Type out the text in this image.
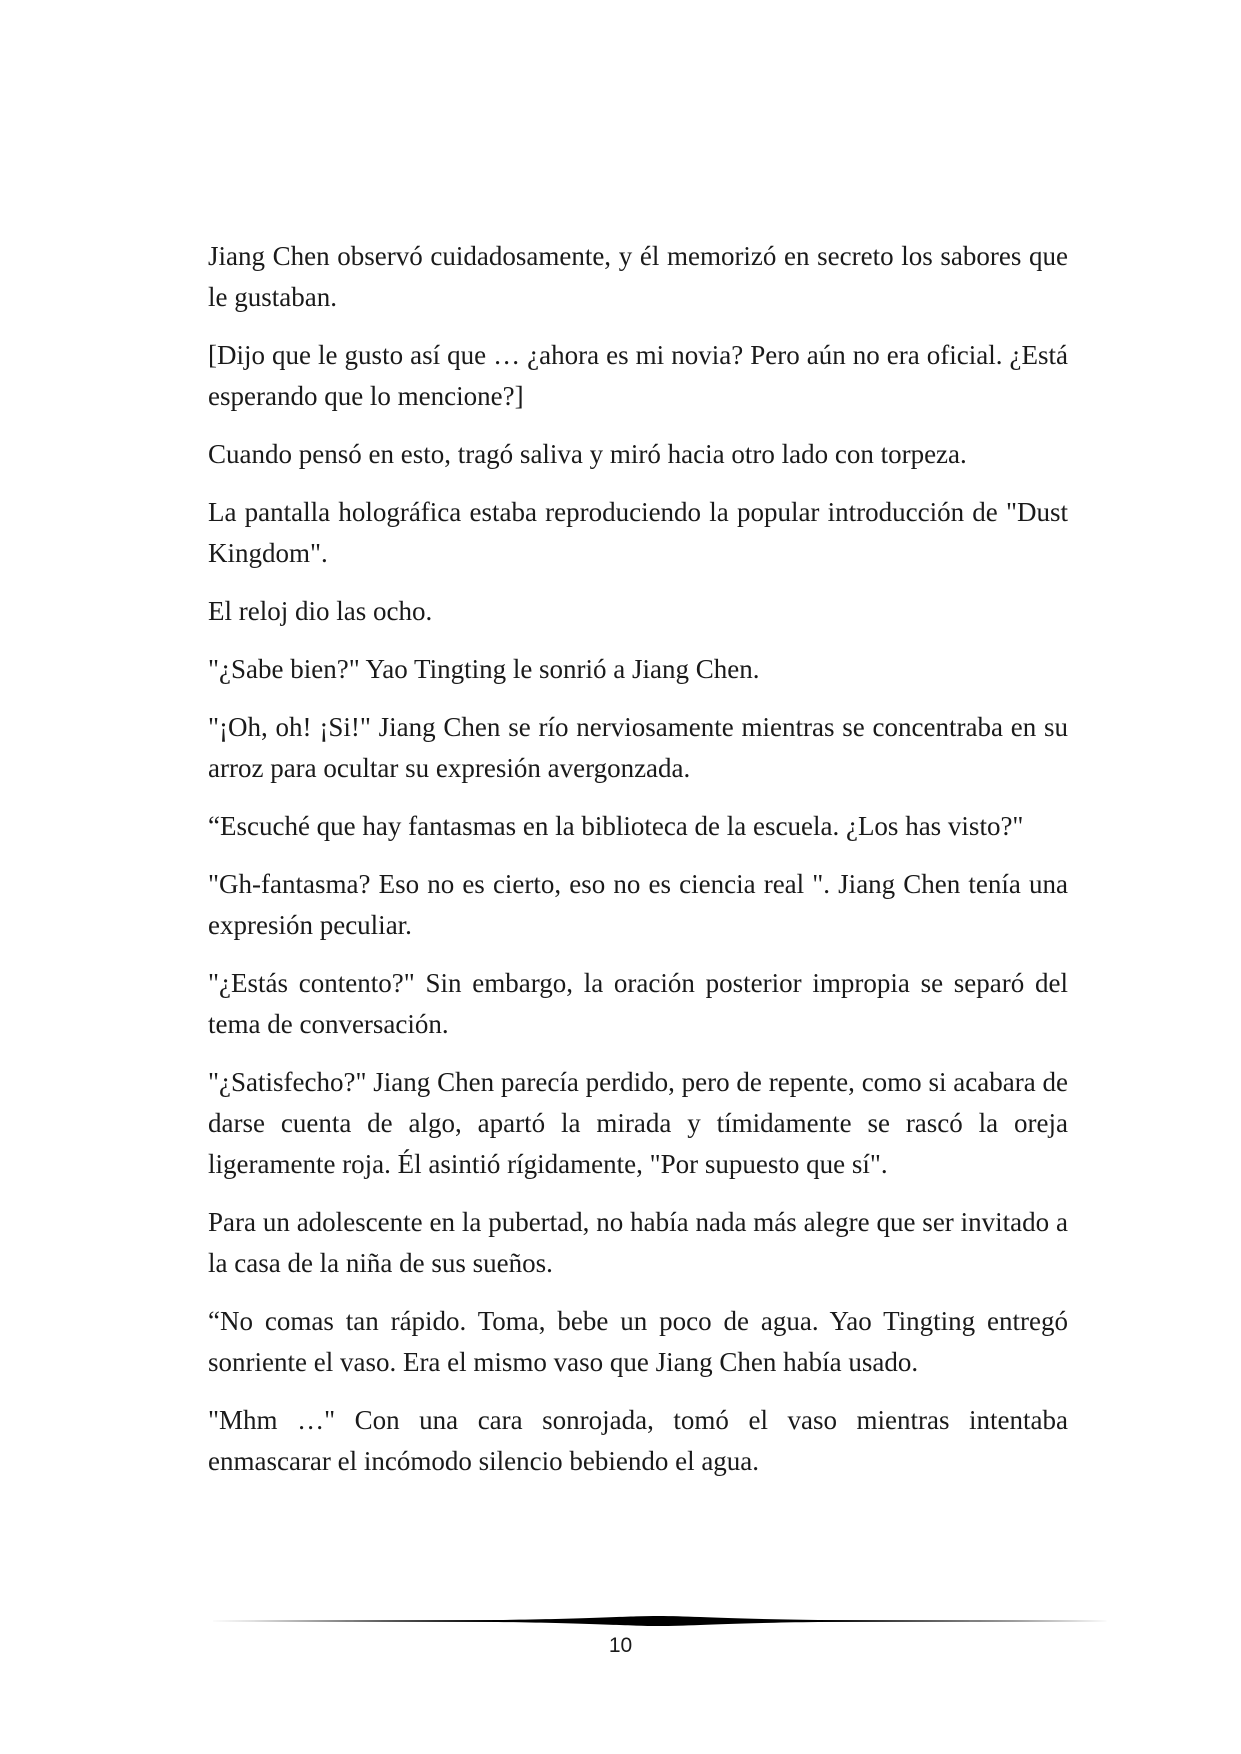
Jiang Chen observó cuidadosamente, y él memorizó en secreto los sabores que le gustaban.

[Dijo que le gusto así que … ¿ahora es mi novia? Pero aún no era oficial. ¿Está esperando que lo mencione?]

Cuando pensó en esto, tragó saliva y miró hacia otro lado con torpeza.

La pantalla holográfica estaba reproduciendo la popular introducción de "Dust Kingdom".

El reloj dio las ocho.

"¿Sabe bien?" Yao Tingting le sonrió a Jiang Chen.

"¡Oh, oh! ¡Si!" Jiang Chen se río nerviosamente mientras se concentraba en su arroz para ocultar su expresión avergonzada.

“Escuché que hay fantasmas en la biblioteca de la escuela. ¿Los has visto?"

"Gh-fantasma? Eso no es cierto, eso no es ciencia real ". Jiang Chen tenía una expresión peculiar.

"¿Estás contento?" Sin embargo, la oración posterior impropia se separó del tema de conversación.

"¿Satisfecho?" Jiang Chen parecía perdido, pero de repente, como si acabara de darse cuenta de algo, apartó la mirada y tímidamente se rascó la oreja ligeramente roja. Él asintió rígidamente, "Por supuesto que sí".

Para un adolescente en la pubertad, no había nada más alegre que ser invitado a la casa de la niña de sus sueños.

“No comas tan rápido. Toma, bebe un poco de agua. Yao Tingting entregó sonriente el vaso. Era el mismo vaso que Jiang Chen había usado.

"Mhm …" Con una cara sonrojada, tomó el vaso mientras intentaba enmascarar el incómodo silencio bebiendo el agua.

10
